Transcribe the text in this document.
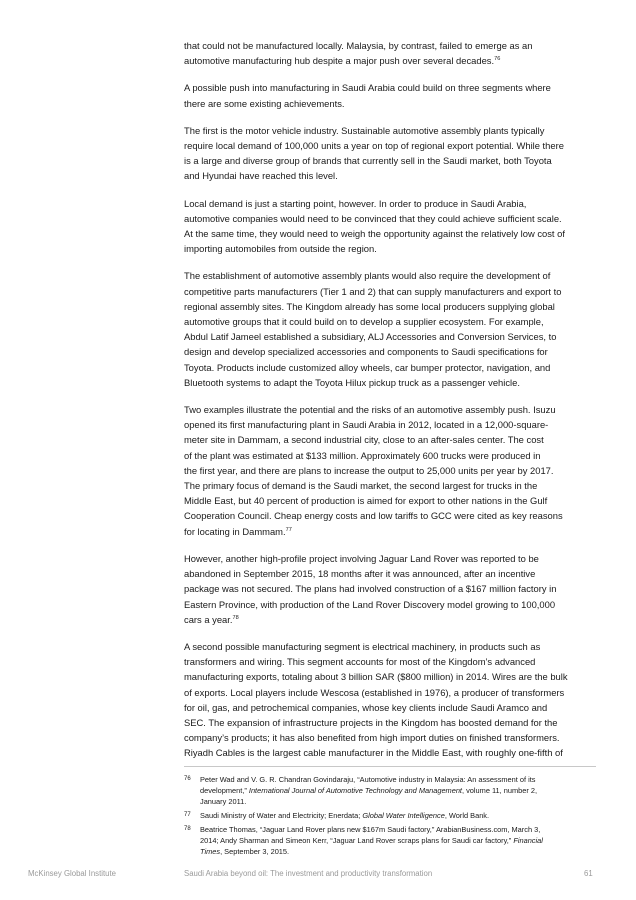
that could not be manufactured locally. Malaysia, by contrast, failed to emerge as an
automotive manufacturing hub despite a major push over several decades.$^{76}$

A possible push into manufacturing in Saudi Arabia could build on three segments where
there are some existing achievements.

The first is the motor vehicle industry. Sustainable automotive assembly plants typically
require local demand of 100,000 units a year on top of regional export potential. While there
is a large and diverse group of brands that currently sell in the Saudi market, both Toyota
and Hyundai have reached this level.

Local demand is just a starting point, however. In order to produce in Saudi Arabia,
automotive companies would need to be convinced that they could achieve sufficient scale.
At the same time, they would need to weigh the opportunity against the relatively low cost of
importing automobiles from outside the region.

The establishment of automotive assembly plants would also require the development of
competitive parts manufacturers (Tier 1 and 2) that can supply manufacturers and export to
regional assembly sites. The Kingdom already has some local producers supplying global
automotive groups that it could build on to develop a supplier ecosystem. For example,
Abdul Latif Jameel established a subsidiary, ALJ Accessories and Conversion Services, to
design and develop specialized accessories and components to Saudi specifications for
Toyota. Products include customized alloy wheels, car bumper protector, navigation, and
Bluetooth systems to adapt the Toyota Hilux pickup truck as a passenger vehicle.

Two examples illustrate the potential and the risks of an automotive assembly push. Isuzu
opened its first manufacturing plant in Saudi Arabia in 2012, located in a 12,000-square-
meter site in Dammam, a second industrial city, close to an after-sales center. The cost
of the plant was estimated at $133 million. Approximately 600 trucks were produced in
the first year, and there are plans to increase the output to 25,000 units per year by 2017.
The primary focus of demand is the Saudi market, the second largest for trucks in the
Middle East, but 40 percent of production is aimed for export to other nations in the Gulf
Cooperation Council. Cheap energy costs and low tariffs to GCC were cited as key reasons
for locating in Dammam.$^{77}$

However, another high-profile project involving Jaguar Land Rover was reported to be
abandoned in September 2015, 18 months after it was announced, after an incentive
package was not secured. The plans had involved construction of a $167 million factory in
Eastern Province, with production of the Land Rover Discovery model growing to 100,000
cars a year.$^{78}$

A second possible manufacturing segment is electrical machinery, in products such as
transformers and wiring. This segment accounts for most of the Kingdom’s advanced
manufacturing exports, totaling about 3 billion SAR ($800 million) in 2014. Wires are the bulk
of exports. Local players include Wescosa (established in 1976), a producer of transformers
for oil, gas, and petrochemical companies, whose key clients include Saudi Aramco and
SEC. The expansion of infrastructure projects in the Kingdom has boosted demand for the
company’s products; it has also benefited from high import duties on finished transformers.
Riyadh Cables is the largest cable manufacturer in the Middle East, with roughly one-fifth of

76 Peter Wad and V. G. R. Chandran Govindaraju, “Automotive industry in Malaysia: An assessment of its
development,” International Journal of Automotive Technology and Management, volume 11, number 2,
January 2011.
77 Saudi Ministry of Water and Electricity; Enerdata; Global Water Intelligence, World Bank.
78 Beatrice Thomas, “Jaguar Land Rover plans new $167m Saudi factory,” ArabianBusiness.com, March 3,
2014; Andy Sharman and Simeon Kerr, “Jaguar Land Rover scraps plans for Saudi car factory,” Financial
Times, September 3, 2015.
McKinsey Global Institute	Saudi Arabia beyond oil: The investment and productivity transformation	61
